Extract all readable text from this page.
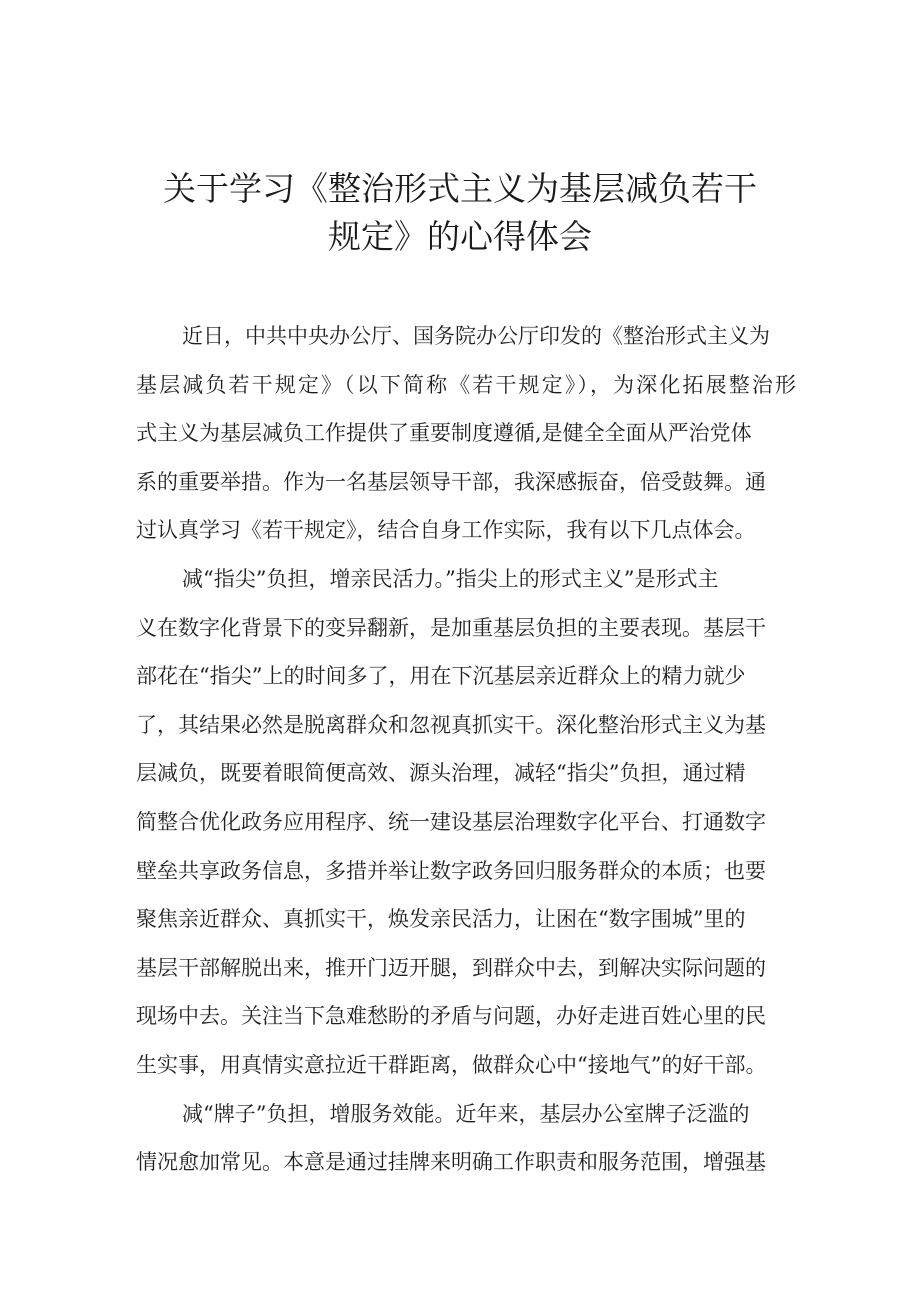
关于学习《整治形式主义为基层减负若干
规定》的心得体会
近日，中共中央办公厅、国务院办公厅印发的《整治形式主义为
基层减负若干规定》（以下简称《若干规定》），为深化拓展整治形
式主义为基层减负工作提供了重要制度遵循,是健全全面从严治党体
系的重要举措。作为一名基层领导干部，我深感振奋，倍受鼓舞。通
过认真学习《若干规定》，结合自身工作实际，我有以下几点体会。
减“指尖”负担，增亲民活力。”指尖上的形式主义”是形式主
义在数字化背景下的变异翻新，是加重基层负担的主要表现。基层干
部花在“指尖”上的时间多了，用在下沉基层亲近群众上的精力就少
了，其结果必然是脱离群众和忽视真抓实干。深化整治形式主义为基
层减负，既要着眼简便高效、源头治理，减轻“指尖”负担，通过精
简整合优化政务应用程序、统一建设基层治理数字化平台、打通数字
壁垒共享政务信息，多措并举让数字政务回归服务群众的本质；也要
聚焦亲近群众、真抓实干，焕发亲民活力，让困在“数字围城”里的
基层干部解脱出来，推开门迈开腿，到群众中去，到解决实际问题的
现场中去。关注当下急难愁盼的矛盾与问题，办好走进百姓心里的民
生实事，用真情实意拉近干群距离，做群众心中“接地气”的好干部。
减“牌子”负担，增服务效能。近年来，基层办公室牌子泛滥的
情况愈加常见。本意是通过挂牌来明确工作职责和服务范围，增强基
